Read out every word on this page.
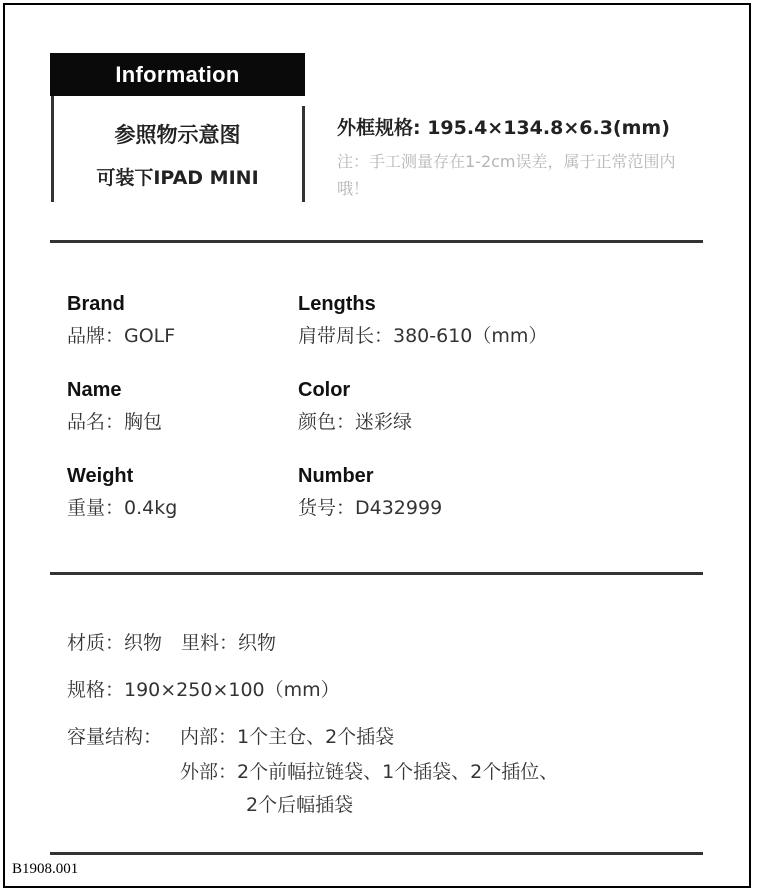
Information
参照物示意图
可装下IPAD MINI
外框规格: 195.4×134.8×6.3(mm)
注：手工测量存在1-2cm误差，属于正常范围内哦！
Brand
品牌：GOLF
Lengths
肩带周长：380-610（mm）
Name
品名：胸包
Color
颜色：迷彩绿
Weight
重量：0.4kg
Number
货号：D432999
材质：织物　里料：织物
规格：190×250×100（mm）
容量结构： 内部：1个主仓、2个插袋
外部：2个前幅拉链袋、1个插袋、2个插位、
2个后幅插袋
B1908.001
